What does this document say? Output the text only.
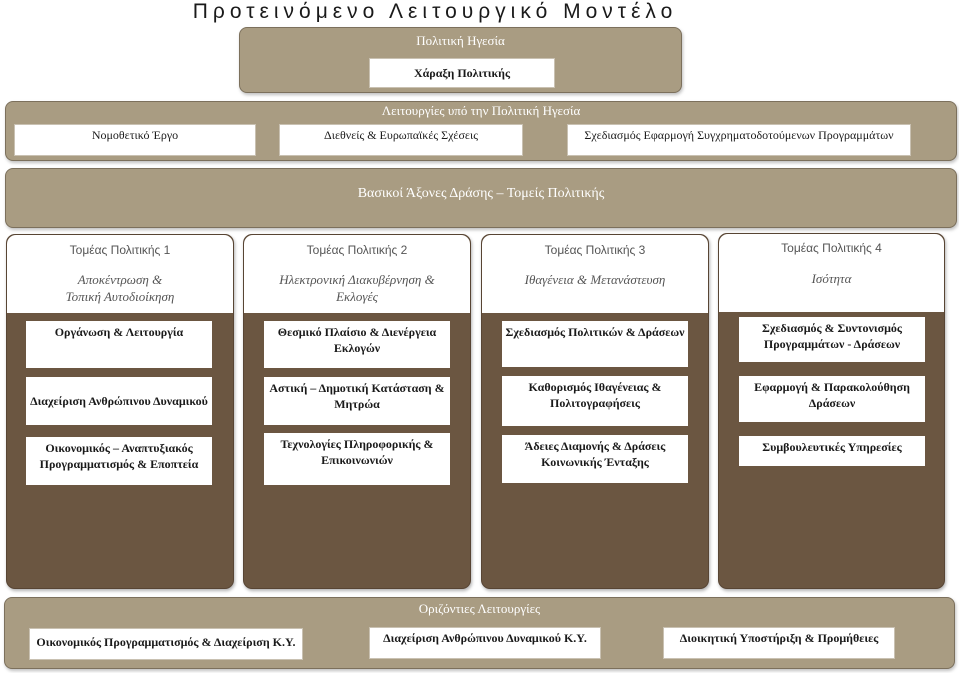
Προτεινόμενο Λειτουργικό Μοντέλο
Πολιτική Ηγεσία
Χάραξη Πολιτικής
Λειτουργίες υπό την Πολιτική Ηγεσία
Νομοθετικό Έργο	Διεθνείς & Ευρωπαϊκές Σχέσεις	Σχεδιασμός Εφαρμογή Συγχρηματοδοτούμενων Προγραμμάτων
Βασικοί Άξονες Δράσης – Τομείς Πολιτικής
Τομέας Πολιτικής 1
Αποκέντρωση &
Τοπική Αυτοδιοίκηση
Οργάνωση & Λειτουργία
Διαχείριση Ανθρώπινου Δυναμικού
Οικονομικός – Αναπτυξιακός Προγραμματισμός & Εποπτεία
Τομέας Πολιτικής 2
Ηλεκτρονική Διακυβέρνηση &
Εκλογές
Θεσμικό Πλαίσιο & Διενέργεια Εκλογών
Αστική – Δημοτική Κατάσταση & Μητρώα
Τεχνολογίες Πληροφορικής & Επικοινωνιών
Τομέας Πολιτικής 3
Ιθαγένεια & Μετανάστευση
Σχεδιασμός Πολιτικών & Δράσεων
Καθορισμός Ιθαγένειας & Πολιτογραφήσεις
Άδειες Διαμονής & Δράσεις Κοινωνικής Ένταξης
Τομέας Πολιτικής 4
Ισότητα
Σχεδιασμός & Συντονισμός Προγραμμάτων - Δράσεων
Εφαρμογή & Παρακολούθηση Δράσεων
Συμβουλευτικές Υπηρεσίες
Οριζόντιες Λειτουργίες
Οικονομικός Προγραμματισμός & Διαχείριση Κ.Υ.	Διαχείριση Ανθρώπινου Δυναμικού Κ.Υ.	Διοικητική Υποστήριξη & Προμήθειες
